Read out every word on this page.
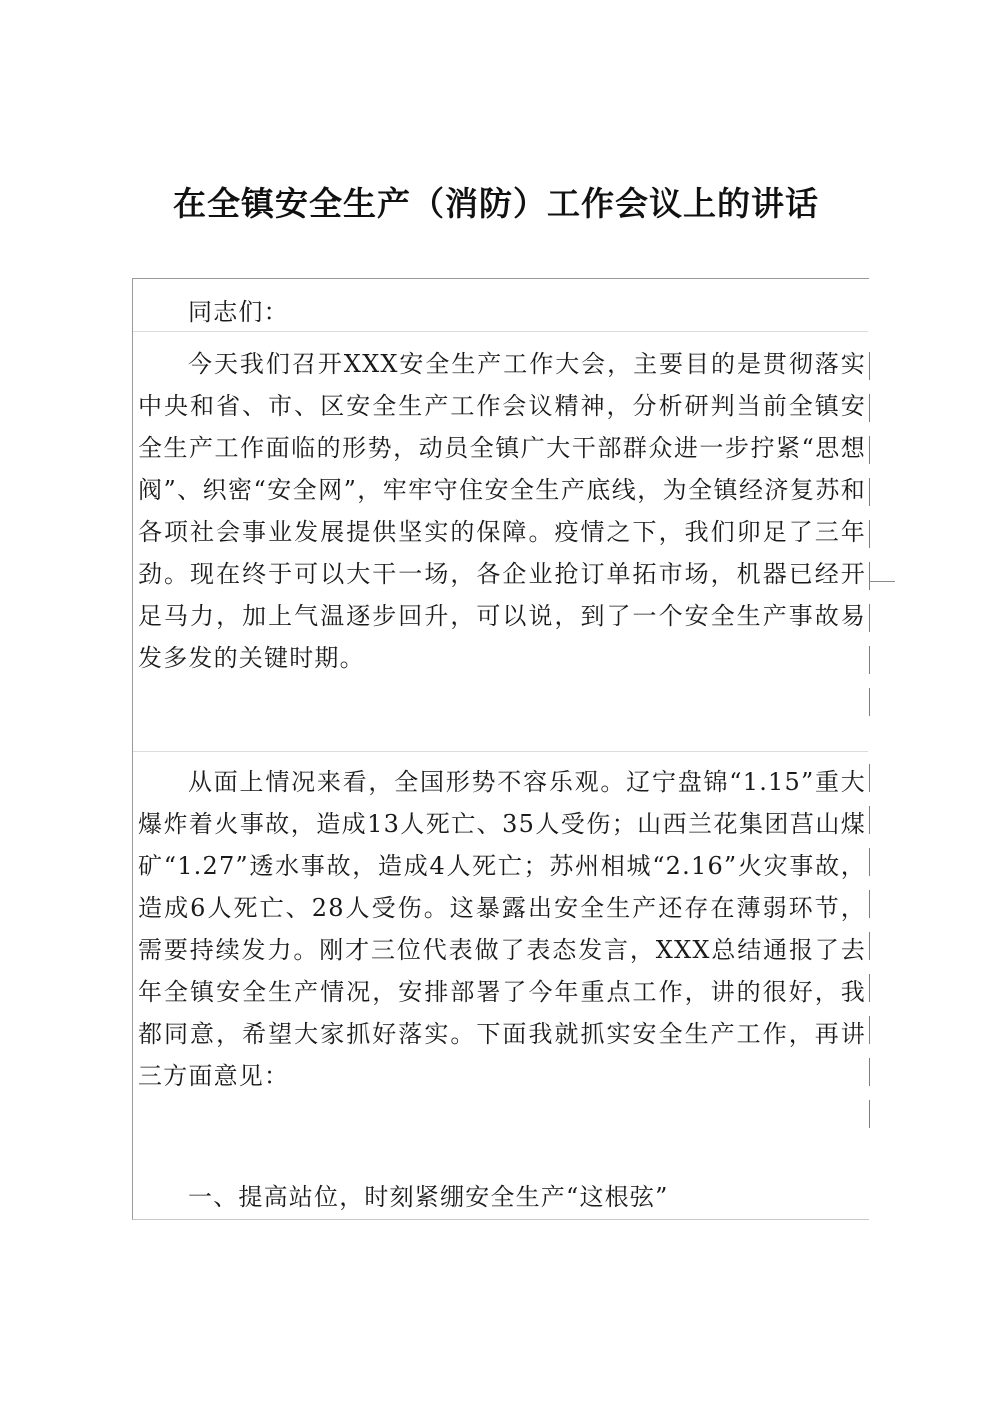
在全镇安全生产（消防）工作会议上的讲话

同志们：

今天我们召开XXX安全生产工作大会，主要目的是贯彻落实中央和省、市、区安全生产工作会议精神，分析研判当前全镇安全生产工作面临的形势，动员全镇广大干部群众进一步拧紧“思想阀”、织密“安全网”，牢牢守住安全生产底线，为全镇经济复苏和各项社会事业发展提供坚实的保障。疫情之下，我们卯足了三年劲。现在终于可以大干一场，各企业抢订单拓市场，机器已经开足马力，加上气温逐步回升，可以说，到了一个安全生产事故易发多发的关键时期。

从面上情况来看，全国形势不容乐观。辽宁盘锦“1.15”重大爆炸着火事故，造成13人死亡、35人受伤；山西兰花集团莒山煤矿“1.27”透水事故，造成4人死亡；苏州相城“2.16”火灾事故，造成6人死亡、28人受伤。这暴露出安全生产还存在薄弱环节，需要持续发力。刚才三位代表做了表态发言，XXX总结通报了去年全镇安全生产情况，安排部署了今年重点工作，讲的很好，我都同意，希望大家抓好落实。下面我就抓实安全生产工作，再讲三方面意见：

一、提高站位，时刻紧绷安全生产“这根弦”
